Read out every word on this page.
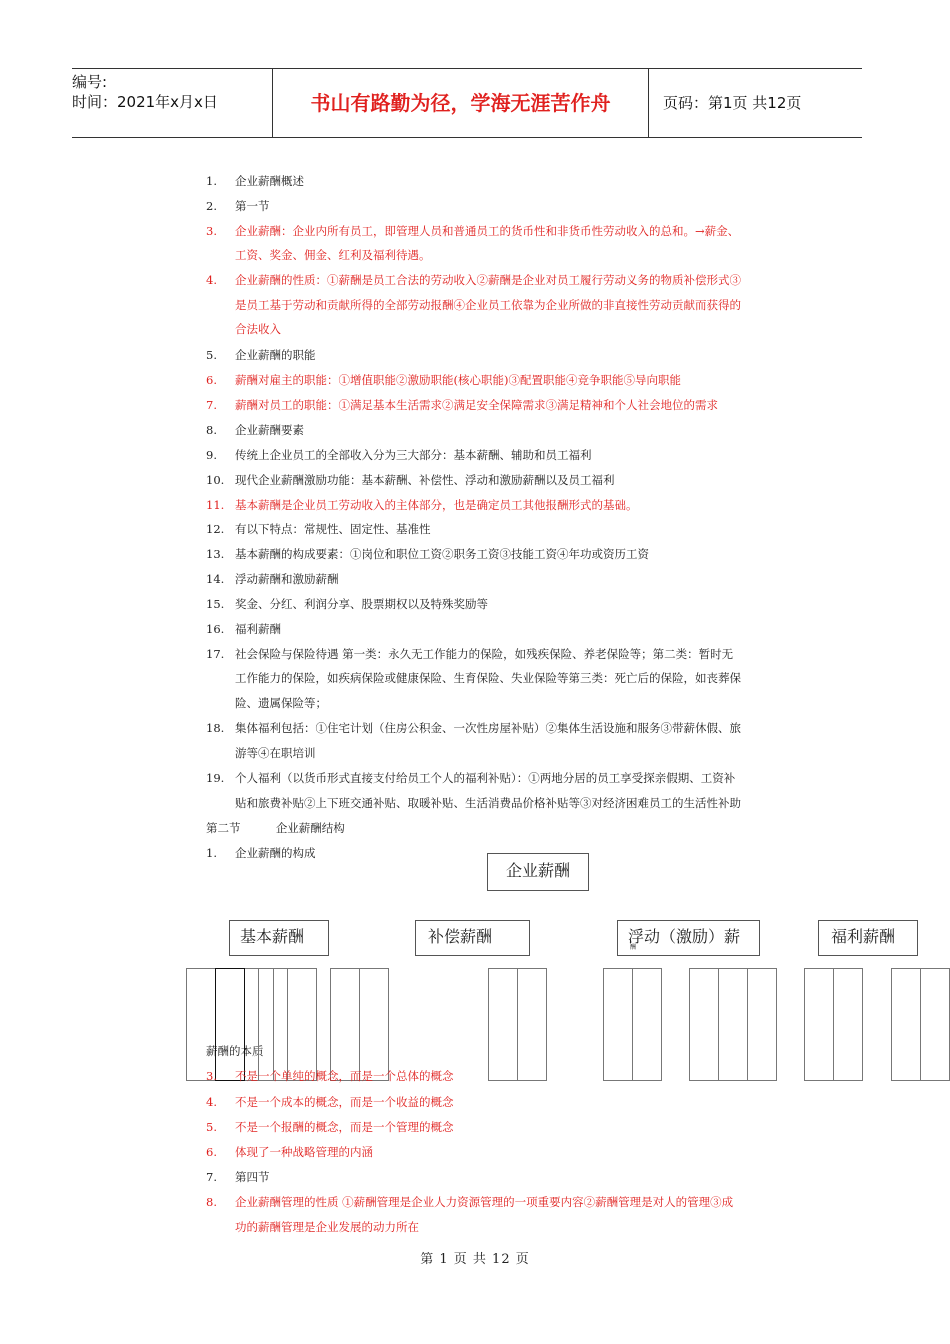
编号:
时间：2021年x月x日	书山有路勤为径，学海无涯苦作舟	页码：第1页 共12页
1.	企业薪酬概述
2.	第一节
3.	企业薪酬：企业内所有员工，即管理人员和普通员工的货币性和非货币性劳动收入的总和。→薪金、
工资、奖金、佣金、红利及福利待遇。
4.	企业薪酬的性质：①薪酬是员工合法的劳动收入②薪酬是企业对员工履行劳动义务的物质补偿形式③
是员工基于劳动和贡献所得的全部劳动报酬④企业员工依靠为企业所做的非直接性劳动贡献而获得的
合法收入
5.	企业薪酬的职能
6.	薪酬对雇主的职能：①增值职能②激励职能(核心职能)③配置职能④竞争职能⑤导向职能
7.	薪酬对员工的职能：①满足基本生活需求②满足安全保障需求③满足精神和个人社会地位的需求
8.	企业薪酬要素
9.	传统上企业员工的全部收入分为三大部分：基本薪酬、辅助和员工福利
10. 现代企业薪酬激励功能：基本薪酬、补偿性、浮动和激励薪酬以及员工福利
11. 基本薪酬是企业员工劳动收入的主体部分，也是确定员工其他报酬形式的基础。
12. 有以下特点：常规性、固定性、基准性
13. 基本薪酬的构成要素：①岗位和职位工资②职务工资③技能工资④年功或资历工资
14. 浮动薪酬和激励薪酬
15. 奖金、分红、利润分享、股票期权以及特殊奖励等
16. 福利薪酬
17. 社会保险与保险待遇 第一类：永久无工作能力的保险，如残疾保险、养老保险等；第二类：暂时无
工作能力的保险，如疾病保险或健康保险、生育保险、失业保险等第三类：死亡后的保险，如丧葬保
险、遗属保险等；
18. 集体福利包括：①住宅计划（住房公积金、一次性房屋补贴）②集体生活设施和服务③带薪休假、旅
游等④在职培训
19. 个人福利（以货币形式直接支付给员工个人的福利补贴）：①两地分居的员工享受探亲假期、工资补
贴和旅费补贴②上下班交通补贴、取暖补贴、生活消费品价格补贴等③对经济困难员工的生活性补助
第二节	企业薪酬结构
1.	企业薪酬的构成
企业薪酬
基本薪酬	补偿薪酬	浮动（激励）薪
酬
福利薪酬
薪酬的本质
3.	不是一个单纯的概念，而是一个总体的概念
4.	不是一个成本的概念，而是一个收益的概念
5.	不是一个报酬的概念，而是一个管理的概念
6.	体现了一种战略管理的内涵
7.	第四节
8.	企业薪酬管理的性质 ①薪酬管理是企业人力资源管理的一项重要内容②薪酬管理是对人的管理③成
功的薪酬管理是企业发展的动力所在
第 1 页 共 12 页
